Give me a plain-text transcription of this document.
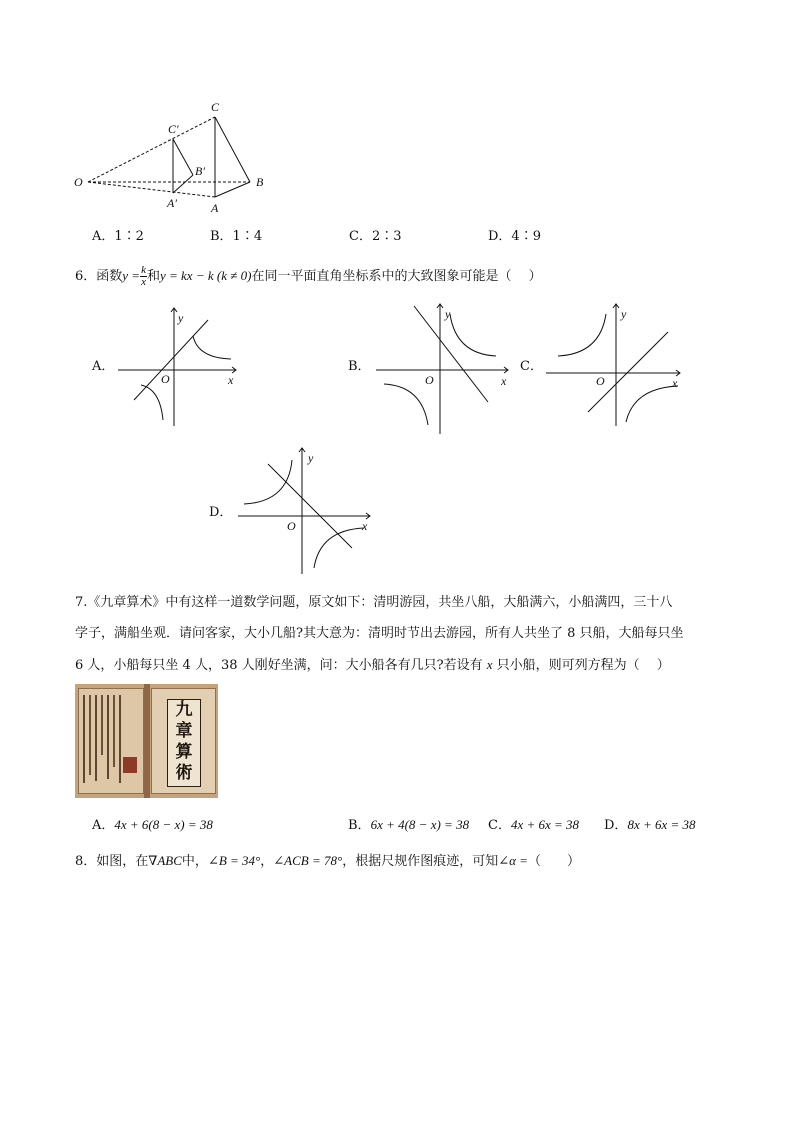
O
C
B
A
C′
B′
A′
A．1∶2	B．1∶4	C．2∶3	D．4∶9
6．函数$y = \frac{k}{x}$ 和y = kx − k (k ≠ 0)在同一平面直角坐标系中的大致图象可能是（　 ）
A．	B．	C．
D．
x
y
O	x
y
O	x
y
O
x
y
O
7.《九章算术》中有这样一道数学问题，原文如下：清明游园，共坐八船，大船满六，小船满四，三十八
学子，满船坐观．请问客家，大小几船?其大意为：清明时节出去游园，所有人共坐了 8 只船，大船每只坐
6 人，小船每只坐 4 人，38 人刚好坐满，问：大小船各有几只?若设有 x 只小船，则可列方程为（　 ）
九
章
算
術
A．4x + 6(8 − x) = 38	B．6x + 4(8 − x) = 38 C．4x + 6x = 38 D．8x + 6x = 38
8．如图，在∇ABC中，∠B = 34°，∠ACB = 78°，根据尺规作图痕迹，可知∠α =（　　）
